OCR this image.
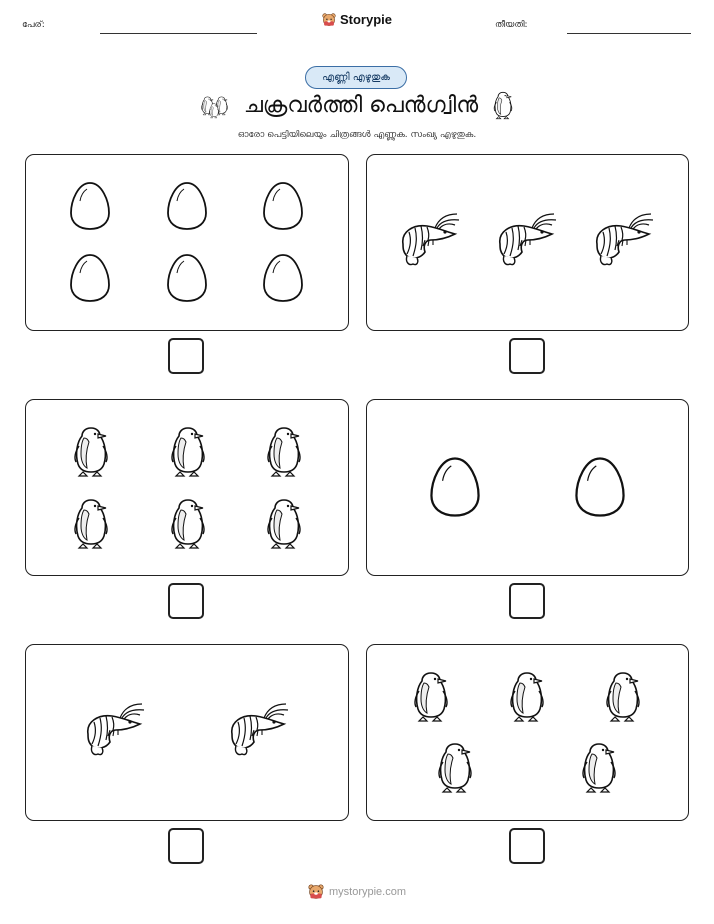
പേര്:	Storypie	തീയതി:
എണ്ണി എഴുതുക
ചക്രവർത്തി പെൻഗ്വിൻ
ഓരോ പെട്ടിയിലെയും ചിത്രങ്ങൾ എണ്ണുക. സംഖ്യ എഴുതുക.
mystorypie.com
